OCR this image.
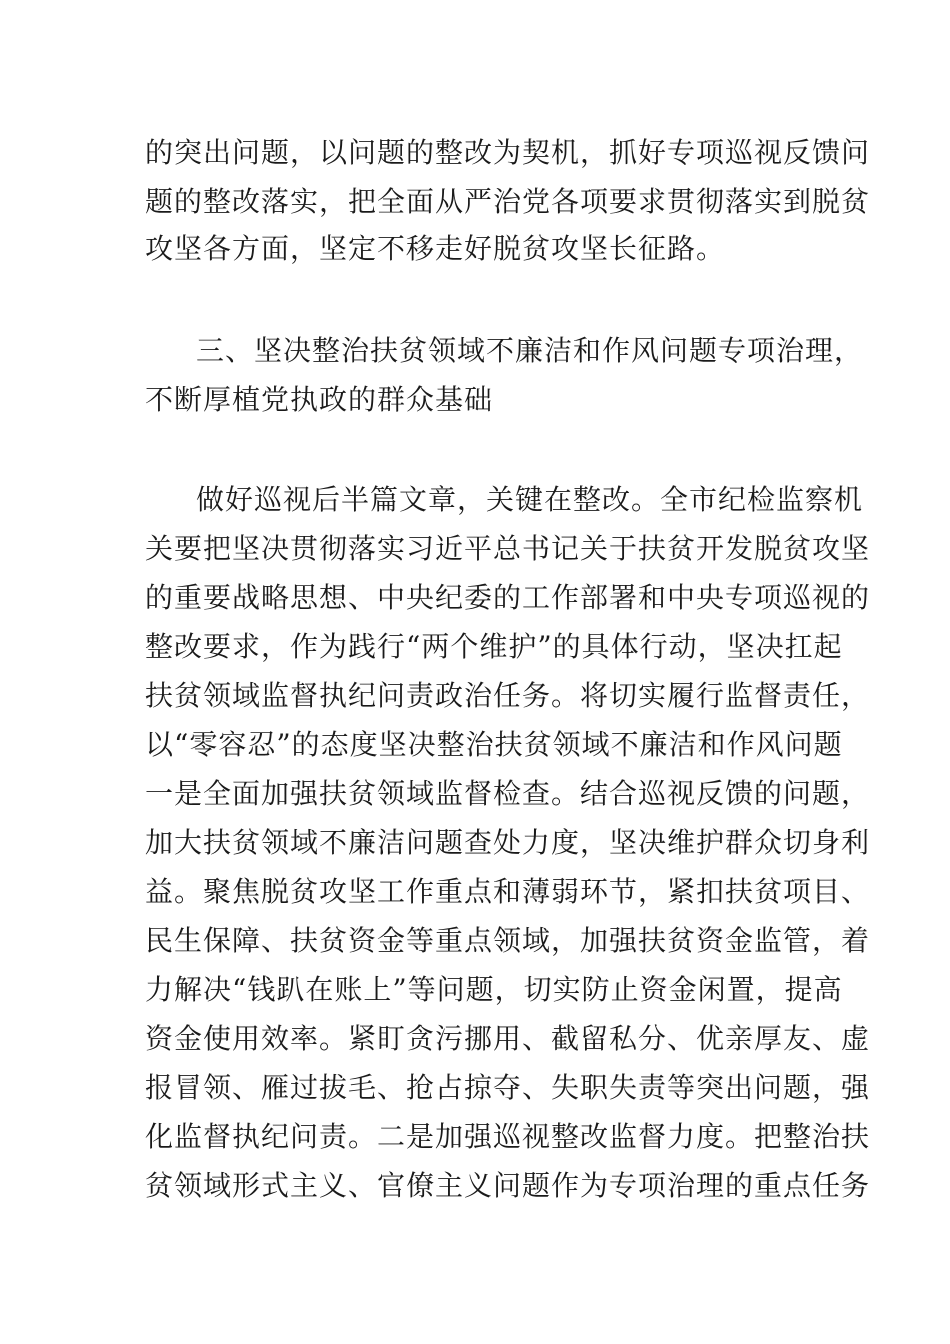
的突出问题，以问题的整改为契机，抓好专项巡视反馈问
题的整改落实，把全面从严治党各项要求贯彻落实到脱贫
攻坚各方面，坚定不移走好脱贫攻坚长征路。
三、坚决整治扶贫领域不廉洁和作风问题专项治理，
不断厚植党执政的群众基础
做好巡视后半篇文章，关键在整改。全市纪检监察机
关要把坚决贯彻落实习近平总书记关于扶贫开发脱贫攻坚
的重要战略思想、中央纪委的工作部署和中央专项巡视的
整改要求，作为践行“两个维护”的具体行动，坚决扛起
扶贫领域监督执纪问责政治任务。将切实履行监督责任，
以“零容忍”的态度坚决整治扶贫领域不廉洁和作风问题
一是全面加强扶贫领域监督检查。结合巡视反馈的问题，
加大扶贫领域不廉洁问题查处力度，坚决维护群众切身利
益。聚焦脱贫攻坚工作重点和薄弱环节，紧扣扶贫项目、
民生保障、扶贫资金等重点领域，加强扶贫资金监管，着
力解决“钱趴在账上”等问题，切实防止资金闲置，提高
资金使用效率。紧盯贪污挪用、截留私分、优亲厚友、虚
报冒领、雁过拔毛、抢占掠夺、失职失责等突出问题，强
化监督执纪问责。二是加强巡视整改监督力度。把整治扶
贫领域形式主义、官僚主义问题作为专项治理的重点任务
